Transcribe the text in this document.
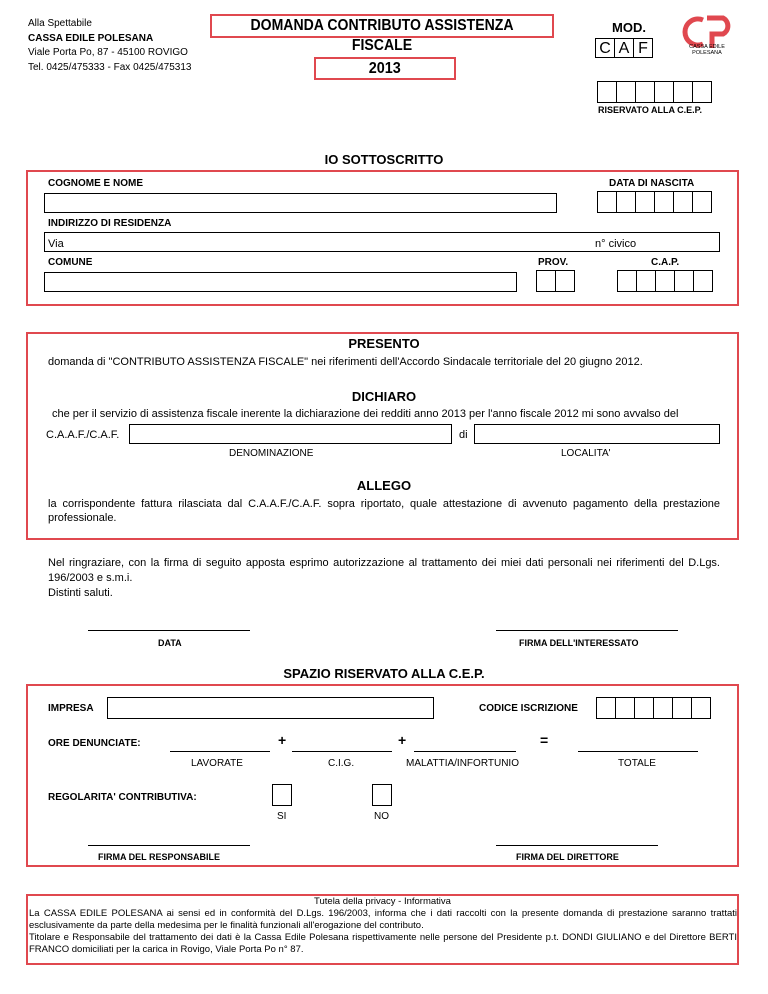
Alla Spettabile
CASSA EDILE POLESANA
Viale Porta Po, 87 - 45100 ROVIGO
Tel. 0425/475333 - Fax 0425/475313
DOMANDA CONTRIBUTO ASSISTENZA FISCALE
2013
MOD.
C A F	CASSA EDILE
POLESANA
RISERVATO ALLA C.E.P.
IO SOTTOSCRITTO
COGNOME E NOME	DATA DI NASCITA
INDIRIZZO DI RESIDENZA
Via	n° civico
COMUNE	PROV.	C.A.P.
PRESENTO
domanda di "CONTRIBUTO ASSISTENZA FISCALE" nei riferimenti dell'Accordo Sindacale territoriale del 20 giugno 2012.
DICHIARO
che per il servizio di assistenza fiscale inerente la dichiarazione dei redditi anno 2013 per l'anno fiscale 2012 mi sono avvalso del
C.A.A.F./C.A.F.	di
DENOMINAZIONE	LOCALITA'
ALLEGO
la corrispondente fattura rilasciata dal C.A.A.F./C.A.F. sopra riportato, quale attestazione di avvenuto pagamento della prestazione professionale.
Nel ringraziare, con la firma di seguito apposta esprimo autorizzazione al trattamento dei miei dati personali nei riferimenti del D.Lgs. 196/2003 e s.m.i.
Distinti saluti.
DATA	FIRMA DELL'INTERESSATO
SPAZIO RISERVATO ALLA C.E.P.
IMPRESA	CODICE ISCRIZIONE
ORE DENUNCIATE:	+	+	=
LAVORATE	C.I.G.	MALATTIA/INFORTUNIO	TOTALE
REGOLARITA' CONTRIBUTIVA:
SI	NO
FIRMA DEL RESPONSABILE	FIRMA DEL DIRETTORE
Tutela della privacy - Informativa
La CASSA EDILE POLESANA ai sensi ed in conformità del D.Lgs. 196/2003, informa che i dati raccolti con la presente domanda di prestazione saranno trattati esclusivamente da parte della medesima per le finalità funzionali all'erogazione del contributo.
Titolare e Responsabile del trattamento dei dati è la Cassa Edile Polesana rispettivamente nelle persone del Presidente p.t. DONDI GIULIANO e del Direttore BERTI FRANCO domiciliati per la carica in Rovigo, Viale Porta Po n° 87.
